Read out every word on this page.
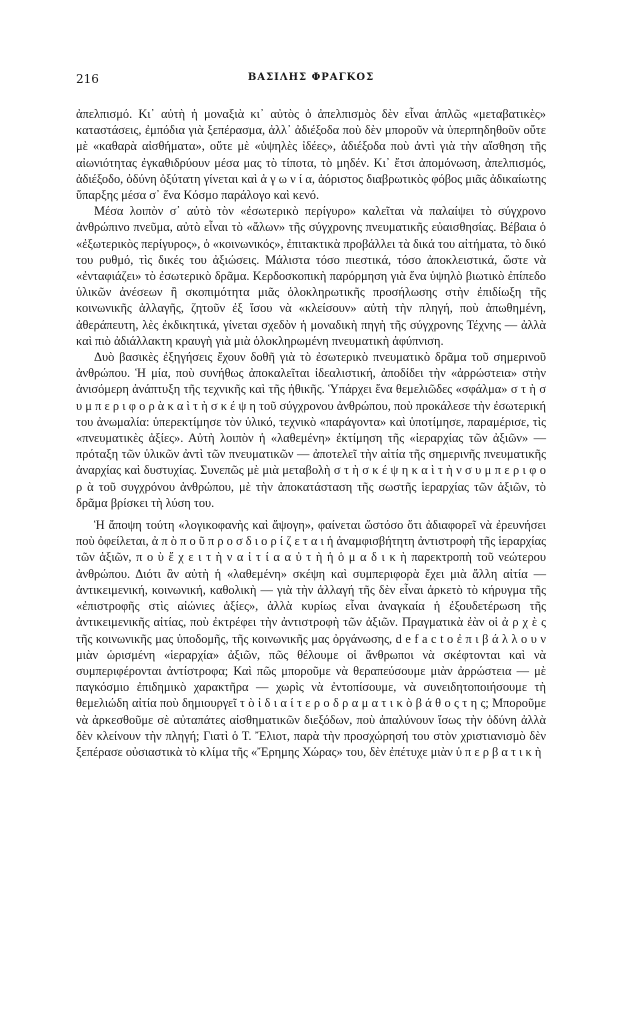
216	ΒΑΣΙΛΗΣ ΦΡΑΓΚΟΣ

ἀπελπισμό. Κι᾿ αὐτὴ ἡ μοναξιὰ κι᾿ αὐτὸς ὁ ἀπελπισμὸς δὲν εἶναι ἁπλῶς «μεταβατικὲς» καταστάσεις, ἐμπόδια γιὰ ξεπέρασμα, ἀλλ᾿ ἀδιέξοδα ποὺ δὲν μποροῦν νὰ ὑπερπηδηθοῦν οὔτε μὲ «καθαρὰ αἰσθήματα», οὔτε μὲ «ὑψηλὲς ἰδέες», ἀδιέξοδα ποὺ ἀντὶ γιὰ τὴν αἴσθηση τῆς αἰωνιότητας ἐγκαθιδρύουν μέσα μας τὸ τίποτα, τὸ μηδέν. Κι᾿ ἔτσι ἀπομόνωση, ἀπελπισμός, ἀδιέξοδο, ὀδύνη ὀξύτατη γίνεται καὶ ἀ γ ω ν ί α, ἀόριστος διαβρωτικὸς φόβος μιᾶς ἀδικαίωτης ὕπαρξης μέσα σ᾿ ἕνα Κόσμο παράλογο καὶ κενό.

Μέσα λοιπὸν σ᾿ αὐτὸ τὸν «ἐσωτερικὸ περίγυρο» καλεῖται νὰ παλαίψει τὸ σύγχρονο ἀνθρώπινο πνεῦμα, αὐτὸ εἶναι τὸ «ἄλων» τῆς σύγχρονης πνευματικῆς εὐαισθησίας. Βέβαια ὁ «ἐξωτερικὸς περίγυρος», ὁ «κοινωνικός», ἐπιτακτικὰ προβάλλει τὰ δικά του αἰτήματα, τὸ δικό του ρυθμό, τὶς δικές του ἀξιώσεις. Μάλιστα τόσο πιεστικά, τόσο ἀποκλειστικά, ὥστε νὰ «ἐνταφιάζει» τὸ ἐσωτερικὸ δρᾶμα. Κερδοσκοπικὴ παρόρμηση γιὰ ἕνα ὑψηλὸ βιωτικὸ ἐπίπεδο ὑλικῶν ἀνέσεων ἢ σκοπιμότητα μιᾶς ὁλοκληρωτικῆς προσήλωσης στὴν ἐπιδίωξη τῆς κοινωνικῆς ἀλλαγῆς, ζητοῦν ἐξ ἴσου νὰ «κλείσουν» αὐτὴ τὴν πληγή, ποὺ ἀπωθημένη, ἀθεράπευτη, λὲς ἐκδικητικά, γίνεται σχεδὸν ἡ μοναδικὴ πηγὴ τῆς σύγχρονης Τέχνης — ἀλλὰ καὶ πιὸ ἀδιάλλακτη κραυγὴ γιὰ μιὰ ὁλοκληρωμένη πνευματικὴ ἀφύπνιση.

Δυὸ βασικὲς ἐξηγήσεις ἔχουν δοθῆ γιὰ τὸ ἐσωτερικὸ πνευματικὸ δρᾶμα τοῦ σημερινοῦ ἀνθρώπου. Ἡ μία, ποὺ συνήθως ἀποκαλεῖται ἰδεαλιστική, ἀποδίδει τὴν «ἀρρώστεια» στὴν ἀνισόμερη ἀνάπτυξη τῆς τεχνικῆς καὶ τῆς ἠθικῆς. Ὑπάρχει ἕνα θεμελιῶδες «σφάλμα» σ τ ὴ σ υ μ π ε ρ ι φ ο ρ ὰ κ α ὶ τ ὴ σ κ έ ψ η τοῦ σύγχρονου ἀνθρώπου, ποὺ προκάλεσε τὴν ἐσωτερική του ἀνωμαλία: ὑπερεκτίμησε τὸν ὑλικό, τεχνικὸ «παράγοντα» καὶ ὑποτίμησε, παραμέρισε, τὶς «πνευματικὲς ἀξίες». Αὐτὴ λοιπὸν ἡ «λαθεμένη» ἐκτίμηση τῆς «ἱεραρχίας τῶν ἀξιῶν» — πρόταξη τῶν ὑλικῶν ἀντὶ τῶν πνευματικῶν — ἀποτελεῖ τὴν αἰτία τῆς σημερινῆς πνευματικῆς ἀναρχίας καὶ δυστυχίας. Συνεπῶς μὲ μιὰ μεταβολὴ σ τ ὴ σ κ έ ψ η κ α ὶ τ ὴ ν σ υ μ π ε ρ ι φ ο ρ ὰ τοῦ συγχρόνου ἀνθρώπου, μὲ τὴν ἀποκατάσταση τῆς σωστῆς ἱεραρχίας τῶν ἀξιῶν, τὸ δρᾶμα βρίσκει τὴ λύση του.

Ἡ ἄποψη τούτη «λογικοφανὴς καὶ ἄψογη», φαίνεται ὥστόσο ὅτι ἀδιαφορεῖ νὰ ἐρευνήσει ποὺ ὀφείλεται, ἀ π ὸ π ο ῦ π ρ ο σ δ ι ο ρ ί ζ ε τ α ι ἡ ἀναμφισβήτητη ἀντιστροφὴ τῆς ἱεραρχίας τῶν ἀξιῶν, π ο ὺ ἔ χ ε ι τ ὴ ν α ἰ τ ί α α ὐ τ ὴ ἡ ὁ μ α δ ι κ ὴ παρεκτροπὴ τοῦ νεώτερου ἀνθρώπου. Διότι ἂν αὐτὴ ἡ «λαθεμένη» σκέψη καὶ συμπεριφορὰ ἔχει μιὰ ἄλλη αἰτία — ἀντικειμενική, κοινωνική, καθολικὴ — γιὰ τὴν ἀλλαγή τῆς δὲν εἶναι ἀρκετὸ τὸ κήρυγμα τῆς «ἐπιστροφῆς στὶς αἰώνιες ἀξίες», ἀλλὰ κυρίως εἶναι ἀναγκαία ἡ ἐξουδετέρωση τῆς ἀντικειμενικῆς αἰτίας, ποὺ ἐκτρέφει τὴν ἀντιστροφὴ τῶν ἀξιῶν. Πραγματικὰ ἐὰν οἱ ἀ ρ χ ὲ ς τῆς κοινωνικῆς μας ὑποδομῆς, τῆς κοινωνικῆς μας ὀργάνωσης, d e f a c t o ἐ π ι β ά λ λ ο υ ν μιὰν ὡρισμένη «ἱεραρχία» ἀξιῶν, πῶς θέλουμε οἱ ἄνθρωποι νὰ σκέφτονται καὶ νὰ συμπεριφέρονται ἀντίστροφα; Καὶ πῶς μποροῦμε νὰ θεραπεύσουμε μιὰν ἀρρώστεια — μὲ παγκόσμιο ἐπιδημικὸ χαρακτῆρα — χωρὶς νὰ ἐντοπίσουμε, νὰ συνειδητοποιήσουμε τὴ θεμελιώδη αἰτία ποὺ δημιουργεῖ τ ὸ ἰ δ ι α ί τ ε ρ ο δ ρ α μ α τ ι κ ὸ β ά θ ο ς τ η ς; Μποροῦμε νὰ ἀρκεσθοῦμε σὲ αὐταπάτες αἰσθηματικῶν διεξόδων, ποὺ ἀπαλύνουν ἴσως τὴν ὀδύνη ἀλλὰ δὲν κλείνουν τὴν πληγή; Γιατὶ ὁ Τ. Ἔλιοτ, παρὰ τὴν προσχώρησή του στὸν χριστιανισμὸ δὲν ξεπέρασε οὐσιαστικὰ τὸ κλίμα τῆς «Ἔρημης Χώρας» του, δὲν ἐπέτυχε μιὰν ὑ π ε ρ β α τ ι κ ὴ
